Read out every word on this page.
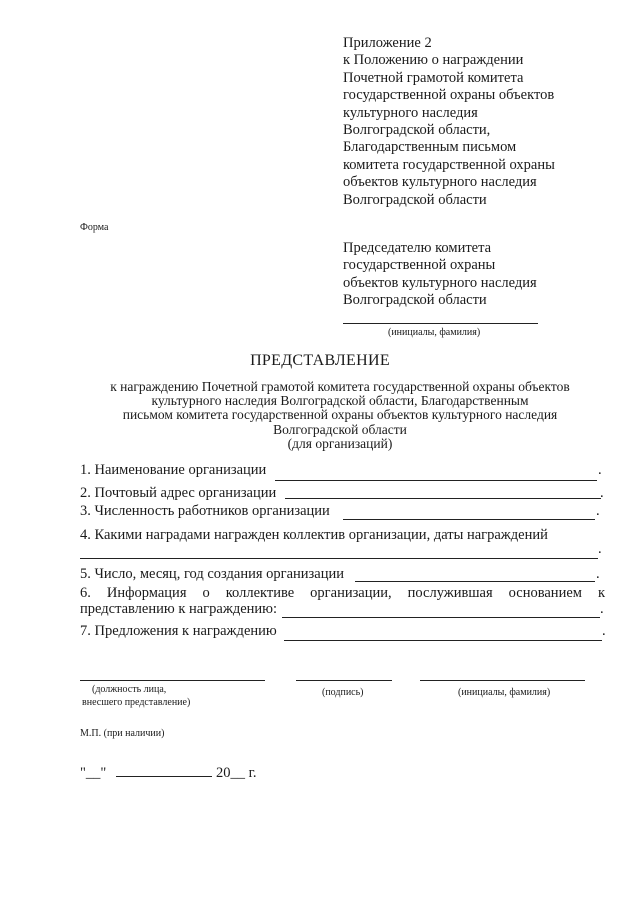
Приложение 2
к Положению о награждении
Почетной грамотой комитета
государственной охраны объектов
культурного наследия
Волгоградской области,
Благодарственным письмом
комитета государственной охраны
объектов культурного наследия
Волгоградской области
Форма
Председателю комитета
государственной охраны
объектов культурного наследия
Волгоградской области
(инициалы, фамилия)
ПРЕДСТАВЛЕНИЕ
к награждению Почетной грамотой комитета государственной охраны объектов
культурного наследия Волгоградской области, Благодарственным
письмом комитета государственной охраны объектов культурного наследия
Волгоградской области
(для организаций)
1. Наименование организации	.
2. Почтовый адрес организации	.
3. Численность работников организации	.
4. Какими наградами награжден коллектив организации, даты награждений
.
5. Число, месяц, год создания организации	.
6. Информация о коллективе организации, послужившая основанием к
представлению к награждению:	.
7. Предложения к награждению	.
(должность лица,
внесшего представление)
(подпись)	(инициалы, фамилия)
М.П. (при наличии)
"__"	20__ г.
